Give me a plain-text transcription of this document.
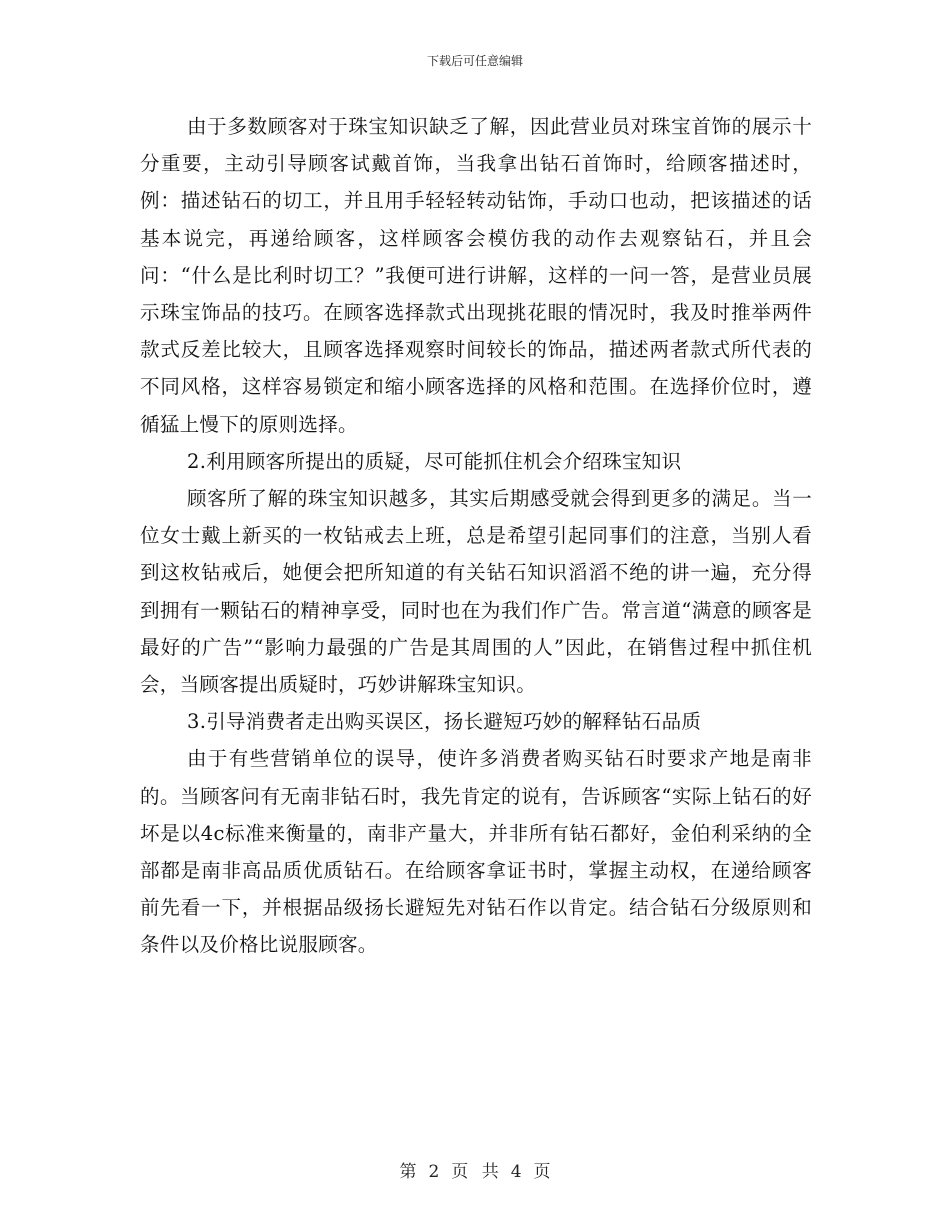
下载后可任意编辑

由于多数顾客对于珠宝知识缺乏了解，因此营业员对珠宝首饰的展示十分重要，主动引导顾客试戴首饰，当我拿出钻石首饰时，给顾客描述时，例：描述钻石的切工，并且用手轻轻转动钻饰，手动口也动，把该描述的话基本说完，再递给顾客，这样顾客会模仿我的动作去观察钻石，并且会问：“什么是比利时切工？”我便可进行讲解，这样的一问一答，是营业员展示珠宝饰品的技巧。在顾客选择款式出现挑花眼的情况时，我及时推举两件款式反差比较大，且顾客选择观察时间较长的饰品，描述两者款式所代表的不同风格，这样容易锁定和缩小顾客选择的风格和范围。在选择价位时，遵循猛上慢下的原则选择。

2.利用顾客所提出的质疑，尽可能抓住机会介绍珠宝知识

顾客所了解的珠宝知识越多，其实后期感受就会得到更多的满足。当一位女士戴上新买的一枚钻戒去上班，总是希望引起同事们的注意，当别人看到这枚钻戒后，她便会把所知道的有关钻石知识滔滔不绝的讲一遍，充分得到拥有一颗钻石的精神享受，同时也在为我们作广告。常言道“满意的顾客是最好的广告”“影响力最强的广告是其周围的人”因此，在销售过程中抓住机会，当顾客提出质疑时，巧妙讲解珠宝知识。

3.引导消费者走出购买误区，扬长避短巧妙的解释钻石品质

由于有些营销单位的误导，使许多消费者购买钻石时要求产地是南非的。当顾客问有无南非钻石时，我先肯定的说有，告诉顾客“实际上钻石的好坏是以4c标准来衡量的，南非产量大，并非所有钻石都好，金伯利采纳的全部都是南非高品质优质钻石。在给顾客拿证书时，掌握主动权，在递给顾客前先看一下，并根据品级扬长避短先对钻石作以肯定。结合钻石分级原则和条件以及价格比说服顾客。

第 2 页 共 4 页
